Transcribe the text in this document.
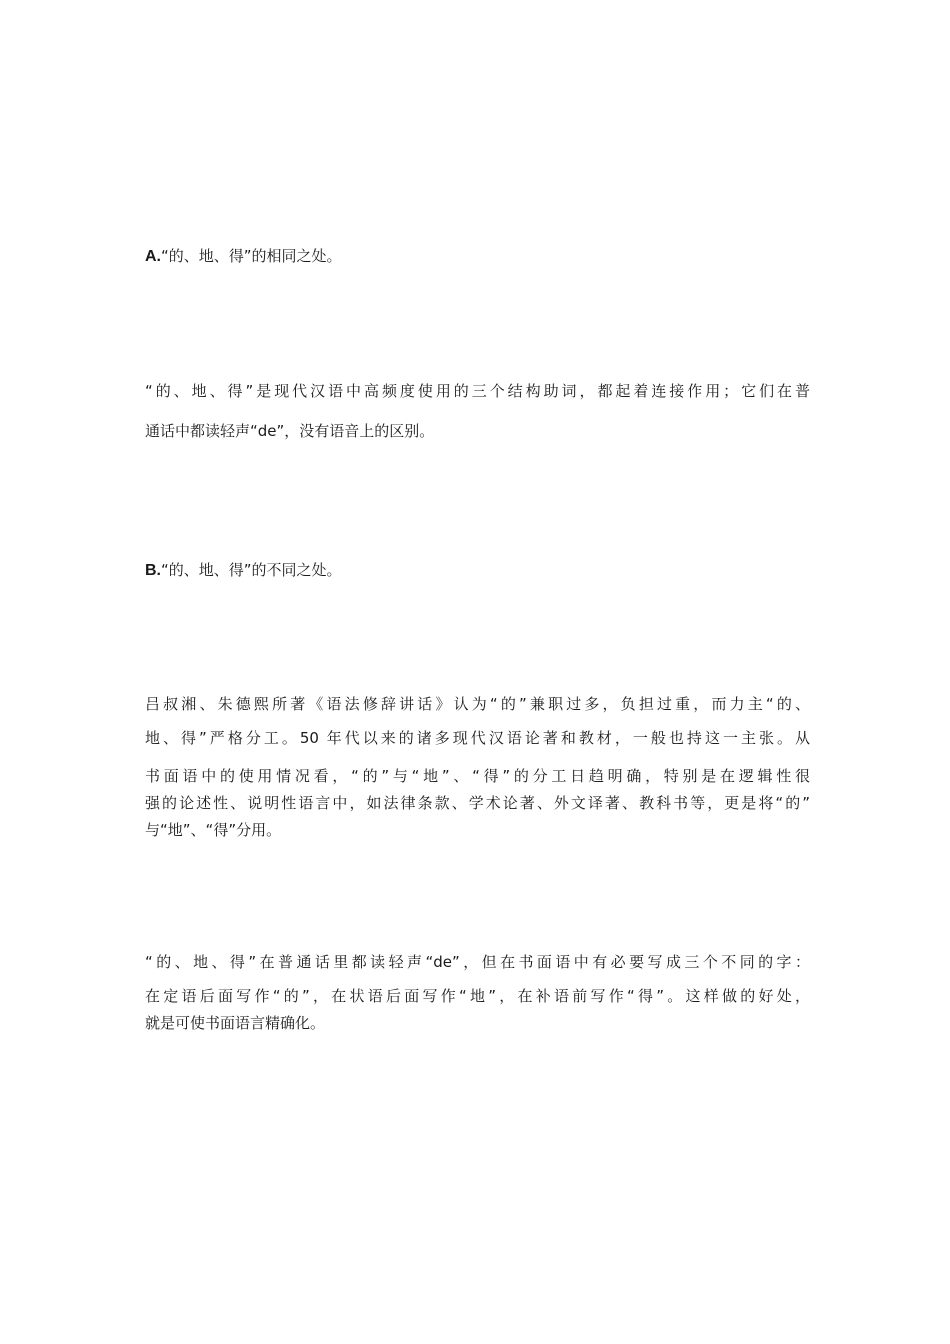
A.“的、地、得”的相同之处。

“的、地、得”是现代汉语中高频度使用的三个结构助词，都起着连接作用；它们在普
通话中都读轻声“de”，没有语音上的区别。

B.“的、地、得”的不同之处。

吕叔湘、朱德熙所著《语法修辞讲话》认为“的”兼职过多，负担过重，而力主“的、
地、得”严格分工。50 年代以来的诸多现代汉语论著和教材，一般也持这一主张。从
书面语中的使用情况看，“的”与“地”、“得”的分工日趋明确，特别是在逻辑性很
强的论述性、说明性语言中，如法律条款、学术论著、外文译著、教科书等，更是将“的”
与“地”、“得”分用。
“的、地、得”在普通话里都读轻声“de”，但在书面语中有必要写成三个不同的字：
在定语后面写作“的”，在状语后面写作“地”，在补语前写作“得”。这样做的好处，
就是可使书面语言精确化。
